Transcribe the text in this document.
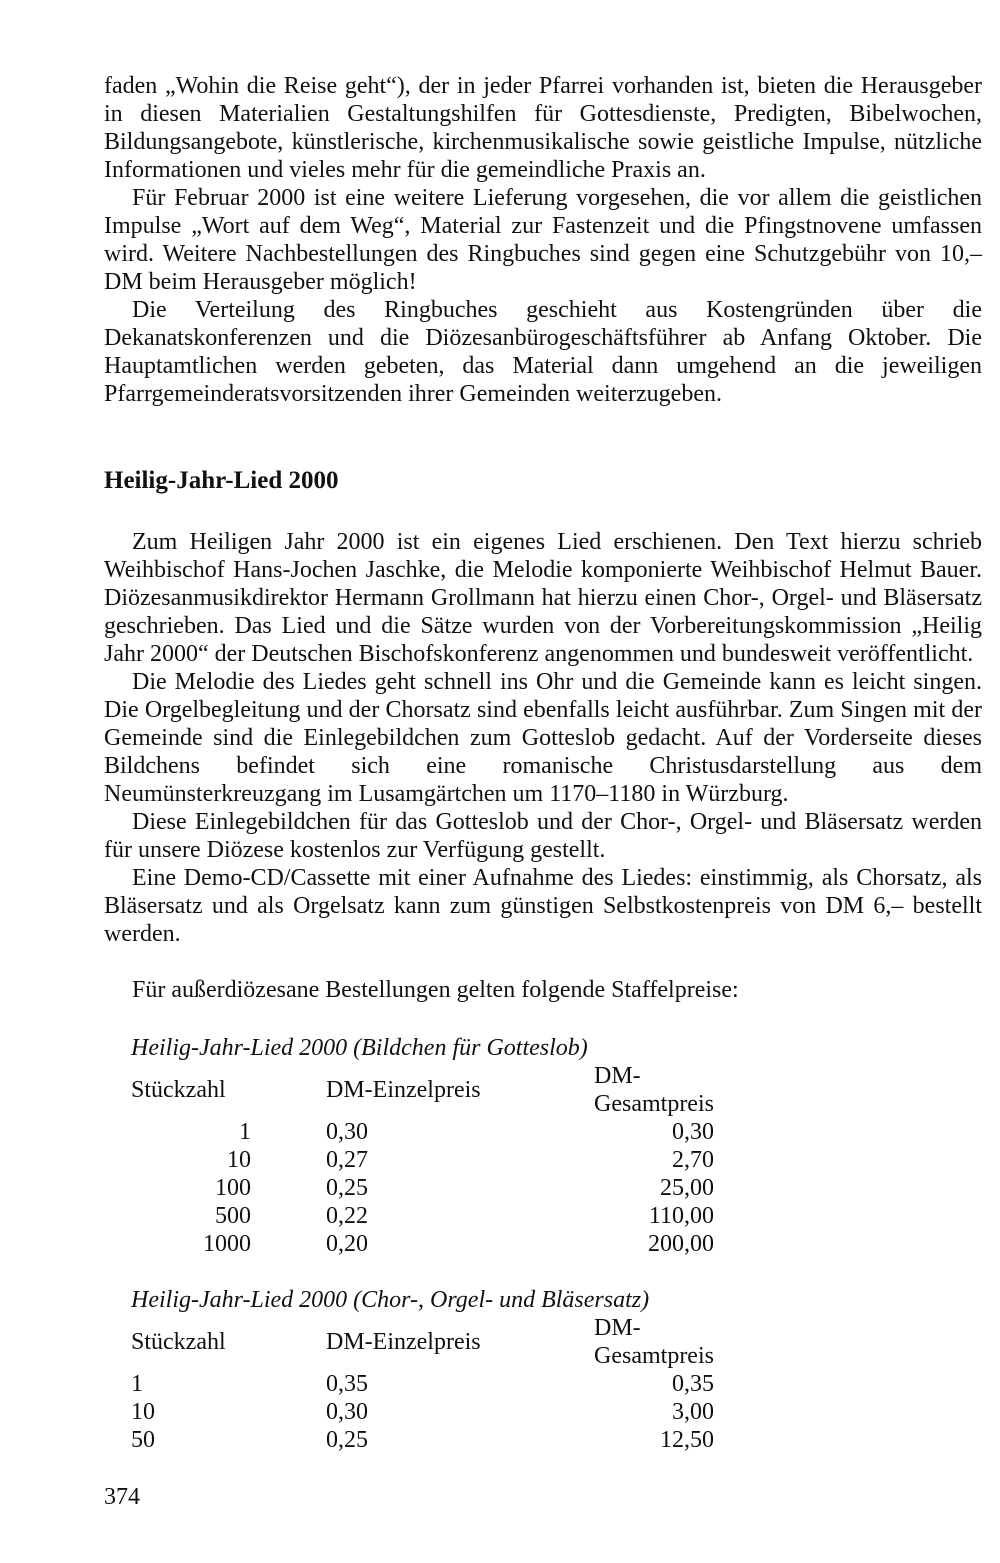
faden „Wohin die Reise geht“), der in jeder Pfarrei vorhanden ist, bieten die Herausgeber in diesen Materialien Gestaltungshilfen für Gottesdienste, Predigten, Bibelwochen, Bildungsangebote, künstlerische, kirchenmusikalische sowie geistliche Impulse, nützliche Informationen und vieles mehr für die gemeindliche Praxis an.

Für Februar 2000 ist eine weitere Lieferung vorgesehen, die vor allem die geistlichen Impulse „Wort auf dem Weg“, Material zur Fastenzeit und die Pfingstnovene umfassen wird. Weitere Nachbestellungen des Ringbuches sind gegen eine Schutzgebühr von 10,– DM beim Herausgeber möglich!

Die Verteilung des Ringbuches geschieht aus Kostengründen über die Dekanatskonferenzen und die Diözesanbürogeschäftsführer ab Anfang Oktober. Die Hauptamtlichen werden gebeten, das Material dann umgehend an die jeweiligen Pfarrgemeinderatsvorsitzenden ihrer Gemeinden weiterzugeben.

Heilig-Jahr-Lied 2000

Zum Heiligen Jahr 2000 ist ein eigenes Lied erschienen. Den Text hierzu schrieb Weihbischof Hans-Jochen Jaschke, die Melodie komponierte Weihbischof Helmut Bauer. Diözesanmusikdirektor Hermann Grollmann hat hierzu einen Chor-, Orgel- und Bläsersatz geschrieben. Das Lied und die Sätze wurden von der Vorbereitungskommission „Heilig Jahr 2000“ der Deutschen Bischofskonferenz angenommen und bundesweit veröffentlicht.

Die Melodie des Liedes geht schnell ins Ohr und die Gemeinde kann es leicht singen. Die Orgelbegleitung und der Chorsatz sind ebenfalls leicht ausführbar. Zum Singen mit der Gemeinde sind die Einlegebildchen zum Gotteslob gedacht. Auf der Vorderseite dieses Bildchens befindet sich eine romanische Christusdarstellung aus dem Neumünsterkreuzgang im Lusamgärtchen um 1170–1180 in Würzburg.

Diese Einlegebildchen für das Gotteslob und der Chor-, Orgel- und Bläsersatz werden für unsere Diözese kostenlos zur Verfügung gestellt.

Eine Demo-CD/Cassette mit einer Aufnahme des Liedes: einstimmig, als Chorsatz, als Bläsersatz und als Orgelsatz kann zum günstigen Selbstkostenpreis von DM 6,– bestellt werden.

Für außerdiözesane Bestellungen gelten folgende Staffelpreise:

Heilig-Jahr-Lied 2000 (Bildchen für Gotteslob)

Stückzahl	DM-Einzelpreis	DM-Gesamtpreis
1	0,30	0,30
10	0,27	2,70
100	0,25	25,00
500	0,22	110,00
1000	0,20	200,00

Heilig-Jahr-Lied 2000 (Chor-, Orgel- und Bläsersatz)

Stückzahl	DM-Einzelpreis	DM-Gesamtpreis
1	0,35	0,35
10	0,30	3,00
50	0,25	12,50
374
